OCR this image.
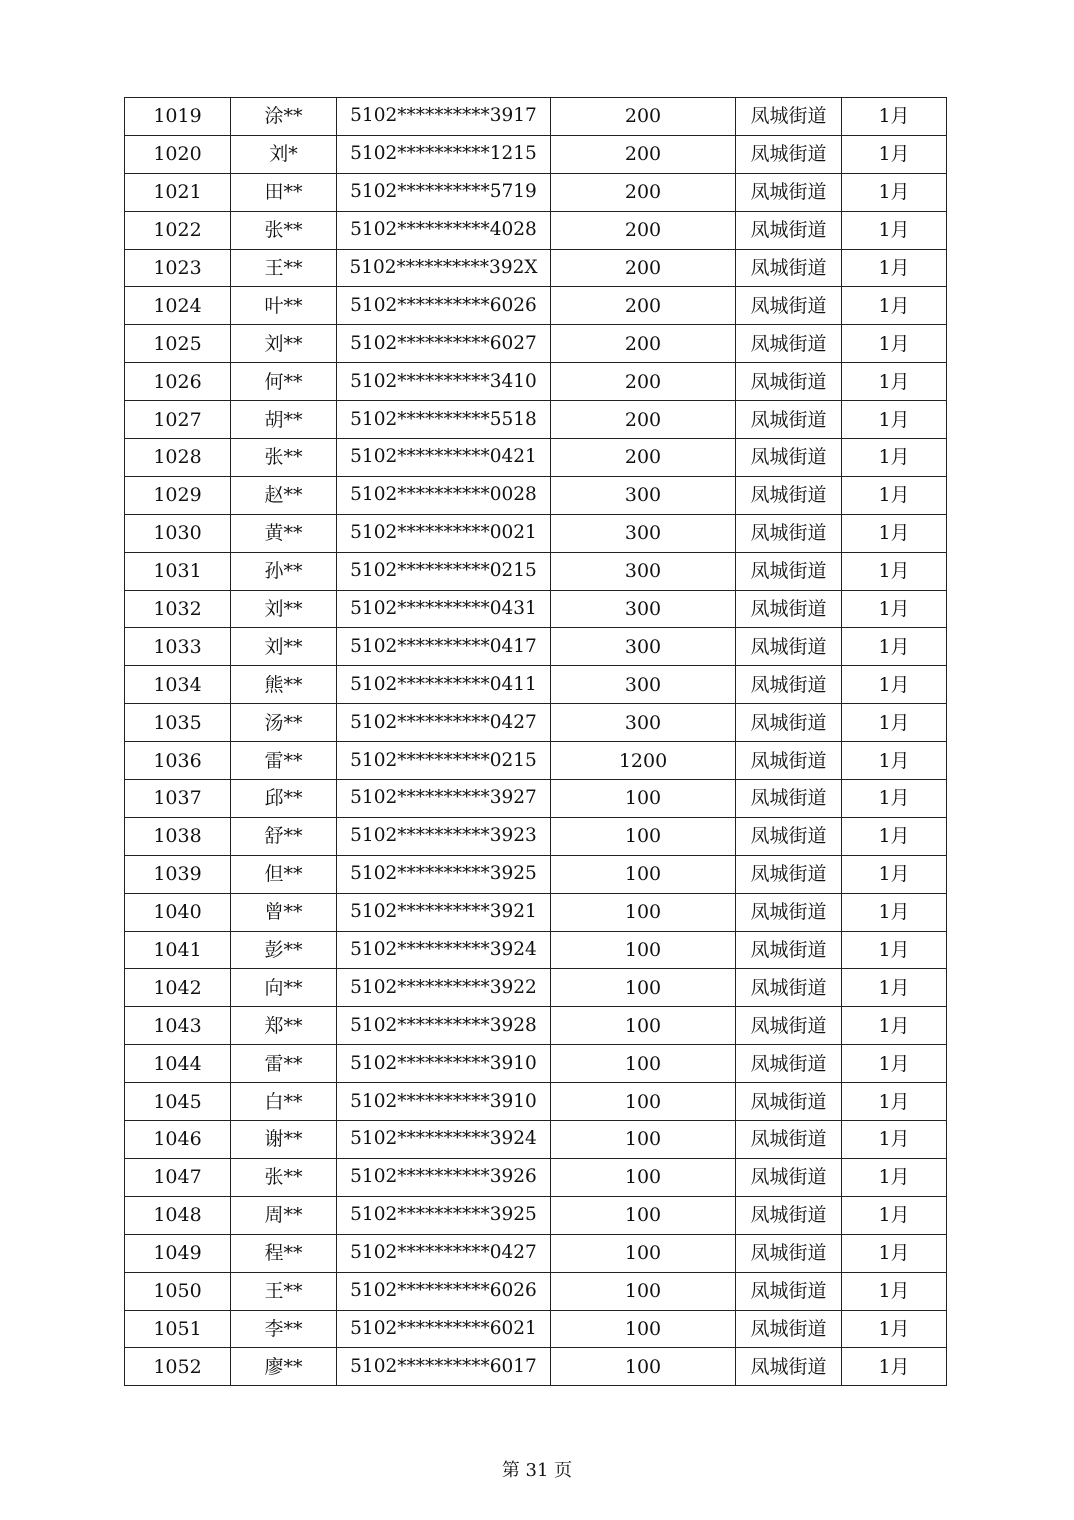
1019	涂**	5102**********3917	200	凤城街道	1月
1020	刘*	5102**********1215	200	凤城街道	1月
1021	田**	5102**********5719	200	凤城街道	1月
1022	张**	5102**********4028	200	凤城街道	1月
1023	王**	5102**********392X	200	凤城街道	1月
1024	叶**	5102**********6026	200	凤城街道	1月
1025	刘**	5102**********6027	200	凤城街道	1月
1026	何**	5102**********3410	200	凤城街道	1月
1027	胡**	5102**********5518	200	凤城街道	1月
1028	张**	5102**********0421	200	凤城街道	1月
1029	赵**	5102**********0028	300	凤城街道	1月
1030	黄**	5102**********0021	300	凤城街道	1月
1031	孙**	5102**********0215	300	凤城街道	1月
1032	刘**	5102**********0431	300	凤城街道	1月
1033	刘**	5102**********0417	300	凤城街道	1月
1034	熊**	5102**********0411	300	凤城街道	1月
1035	汤**	5102**********0427	300	凤城街道	1月
1036	雷**	5102**********0215	1200	凤城街道	1月
1037	邱**	5102**********3927	100	凤城街道	1月
1038	舒**	5102**********3923	100	凤城街道	1月
1039	但**	5102**********3925	100	凤城街道	1月
1040	曾**	5102**********3921	100	凤城街道	1月
1041	彭**	5102**********3924	100	凤城街道	1月
1042	向**	5102**********3922	100	凤城街道	1月
1043	郑**	5102**********3928	100	凤城街道	1月
1044	雷**	5102**********3910	100	凤城街道	1月
1045	白**	5102**********3910	100	凤城街道	1月
1046	谢**	5102**********3924	100	凤城街道	1月
1047	张**	5102**********3926	100	凤城街道	1月
1048	周**	5102**********3925	100	凤城街道	1月
1049	程**	5102**********0427	100	凤城街道	1月
1050	王**	5102**********6026	100	凤城街道	1月
1051	李**	5102**********6021	100	凤城街道	1月
1052	廖**	5102**********6017	100	凤城街道	1月
第 31 页
